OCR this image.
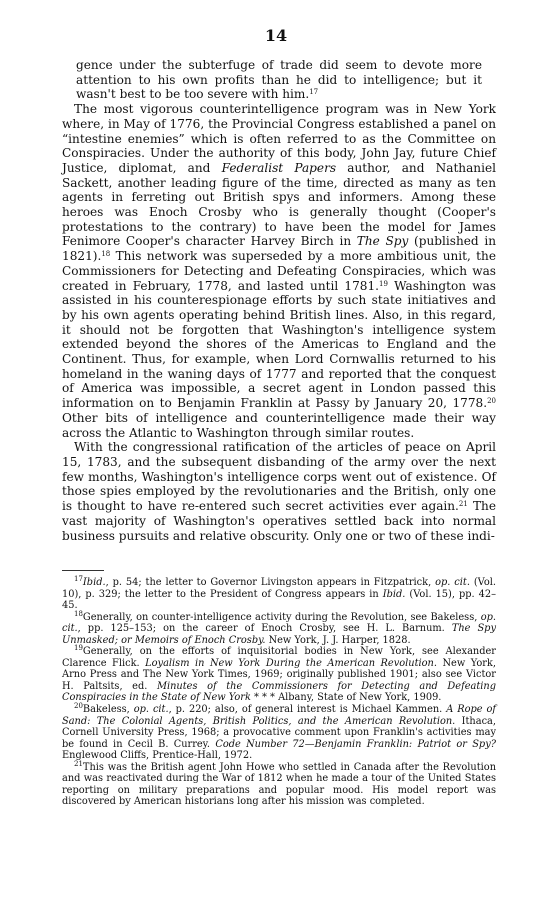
14

gence under the subterfuge of trade did seem to devote more attention to his own profits than he did to intelligence; but it wasn't best to be too severe with him.$^{17}$

The most vigorous counterintelligence program was in New York where, in May of 1776, the Provincial Congress established a panel on “intestine enemies” which is often referred to as the Committee on Conspiracies. Under the authority of this body, John Jay, future Chief Justice, diplomat, and Federalist Papers author, and Nathaniel Sackett, another leading figure of the time, directed as many as ten agents in ferreting out British spys and informers. Among these heroes was Enoch Crosby who is generally thought (Cooper's protestations to the contrary) to have been the model for James Fenimore Cooper's character Harvey Birch in The Spy (published in 1821).$^{18}$ This network was superseded by a more ambitious unit, the Commissioners for Detecting and Defeating Conspiracies, which was created in February, 1778, and lasted until 1781.19 Washington was assisted in his counterespionage efforts by such state initiatives and by his own agents operating behind British lines. Also, in this regard, it should not be forgotten that Washington's intelligence system extended beyond the shores of the Americas to England and the Continent. Thus, for example, when Lord Cornwallis returned to his homeland in the waning days of 1777 and reported that the conquest of America was impossible, a secret agent in London passed this information on to Benjamin Franklin at Passy by January 20, 1778.20 Other bits of intelligence and counterintelligence made their way across the Atlantic to Washington through similar routes.

With the congressional ratification of the articles of peace on April 15, 1783, and the subsequent disbanding of the army over the next few months, Washington's intelligence corps went out of existence. Of those spies employed by the revolutionaries and the British, only one is thought to have re-entered such secret activities ever again.$^{21}$ The vast majority of Washington's operatives settled back into normal business pursuits and relative obscurity. Only one or two of these indi-

$^{17}$Ibid., p. 54; the letter to Governor Livingston appears in Fitzpatrick, op. cit. (Vol. 10), p. 329; the letter to the President of Congress appears in Ibid. (Vol. 15), pp. 42–45.

$^{18}$Generally, on counter-intelligence activity during the Revolution, see Bakeless, op. cit., pp. 125–153; on the career of Enoch Crosby, see H. L. Barnum. The Spy Unmasked; or Memoirs of Enoch Crosby. New York, J. J. Harper, 1828.

$^{19}$Generally, on the efforts of inquisitorial bodies in New York, see Alexander Clarence Flick. Loyalism in New York During the American Revolution. New York, Arno Press and The New York Times, 1969; originally published 1901; also see Victor H. Paltsits, ed. Minutes of the Commissioners for Detecting and Defeating Conspiracies in the State of New York * * * Albany, State of New York, 1909.

$^{20}$Bakeless, op. cit., p. 220; also, of general interest is Michael Kammen. A Rope of Sand: The Colonial Agents, British Politics, and the American Revolution. Ithaca, Cornell University Press, 1968; a provocative comment upon Franklin's activities may be found in Cecil B. Currey. Code Number 72—Benjamin Franklin: Patriot or Spy? Englewood Cliffs, Prentice-Hall, 1972.

$^{21}$This was the British agent John Howe who settled in Canada after the Revolution and was reactivated during the War of 1812 when he made a tour of the United States reporting on military preparations and popular mood. His model report was discovered by American historians long after his mission was completed.
